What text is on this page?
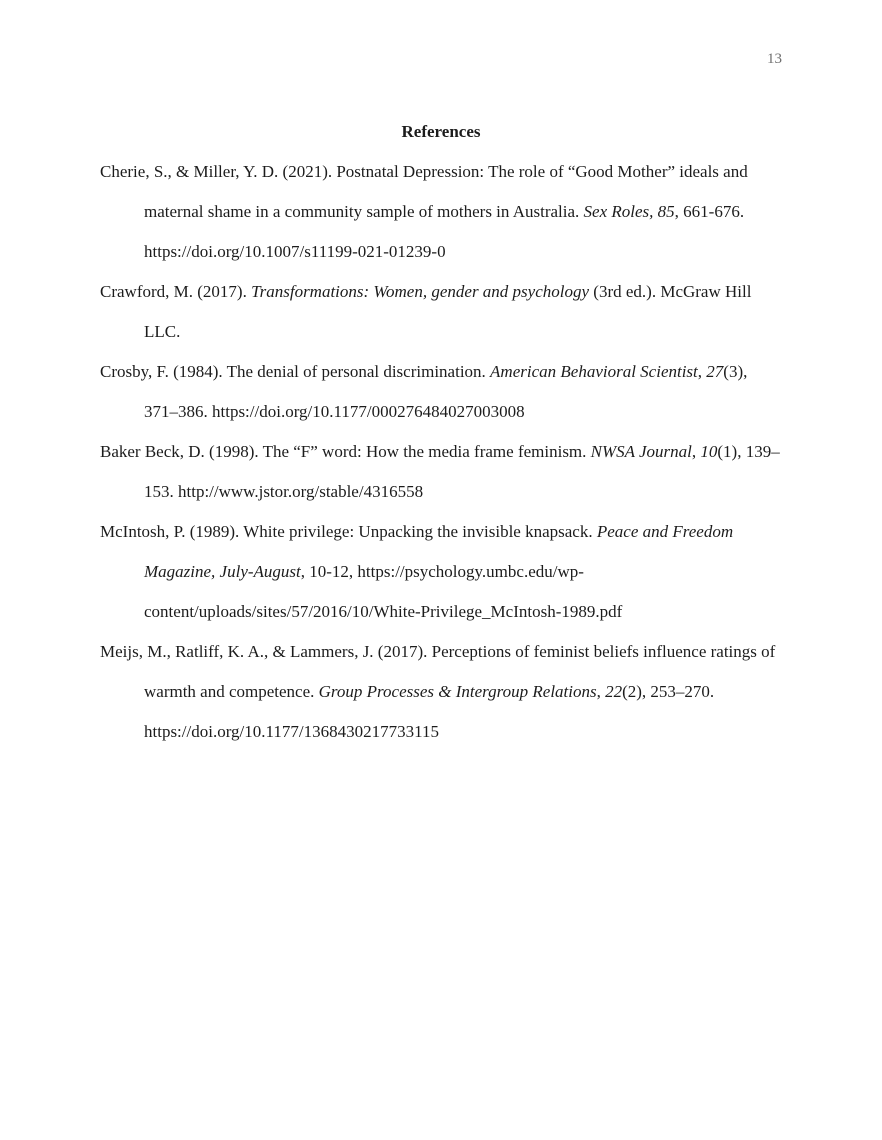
13
References

Cherie, S., & Miller, Y. D. (2021). Postnatal Depression: The role of “Good Mother” ideals and maternal shame in a community sample of mothers in Australia. Sex Roles, 85, 661-676. https://doi.org/10.1007/s11199-021-01239-0

Crawford, M. (2017). Transformations: Women, gender and psychology (3rd ed.). McGraw Hill LLC.

Crosby, F. (1984). The denial of personal discrimination. American Behavioral Scientist, 27(3), 371–386. https://doi.org/10.1177/000276484027003008

Baker Beck, D. (1998). The “F” word: How the media frame feminism. NWSA Journal, 10(1), 139–153. http://www.jstor.org/stable/4316558

McIntosh, P. (1989). White privilege: Unpacking the invisible knapsack. Peace and Freedom Magazine, July-August, 10-12, https://psychology.umbc.edu/wp-content/uploads/sites/57/2016/10/White-Privilege_McIntosh-1989.pdf

Meijs, M., Ratliff, K. A., & Lammers, J. (2017). Perceptions of feminist beliefs influence ratings of warmth and competence. Group Processes & Intergroup Relations, 22(2), 253–270. https://doi.org/10.1177/1368430217733115
